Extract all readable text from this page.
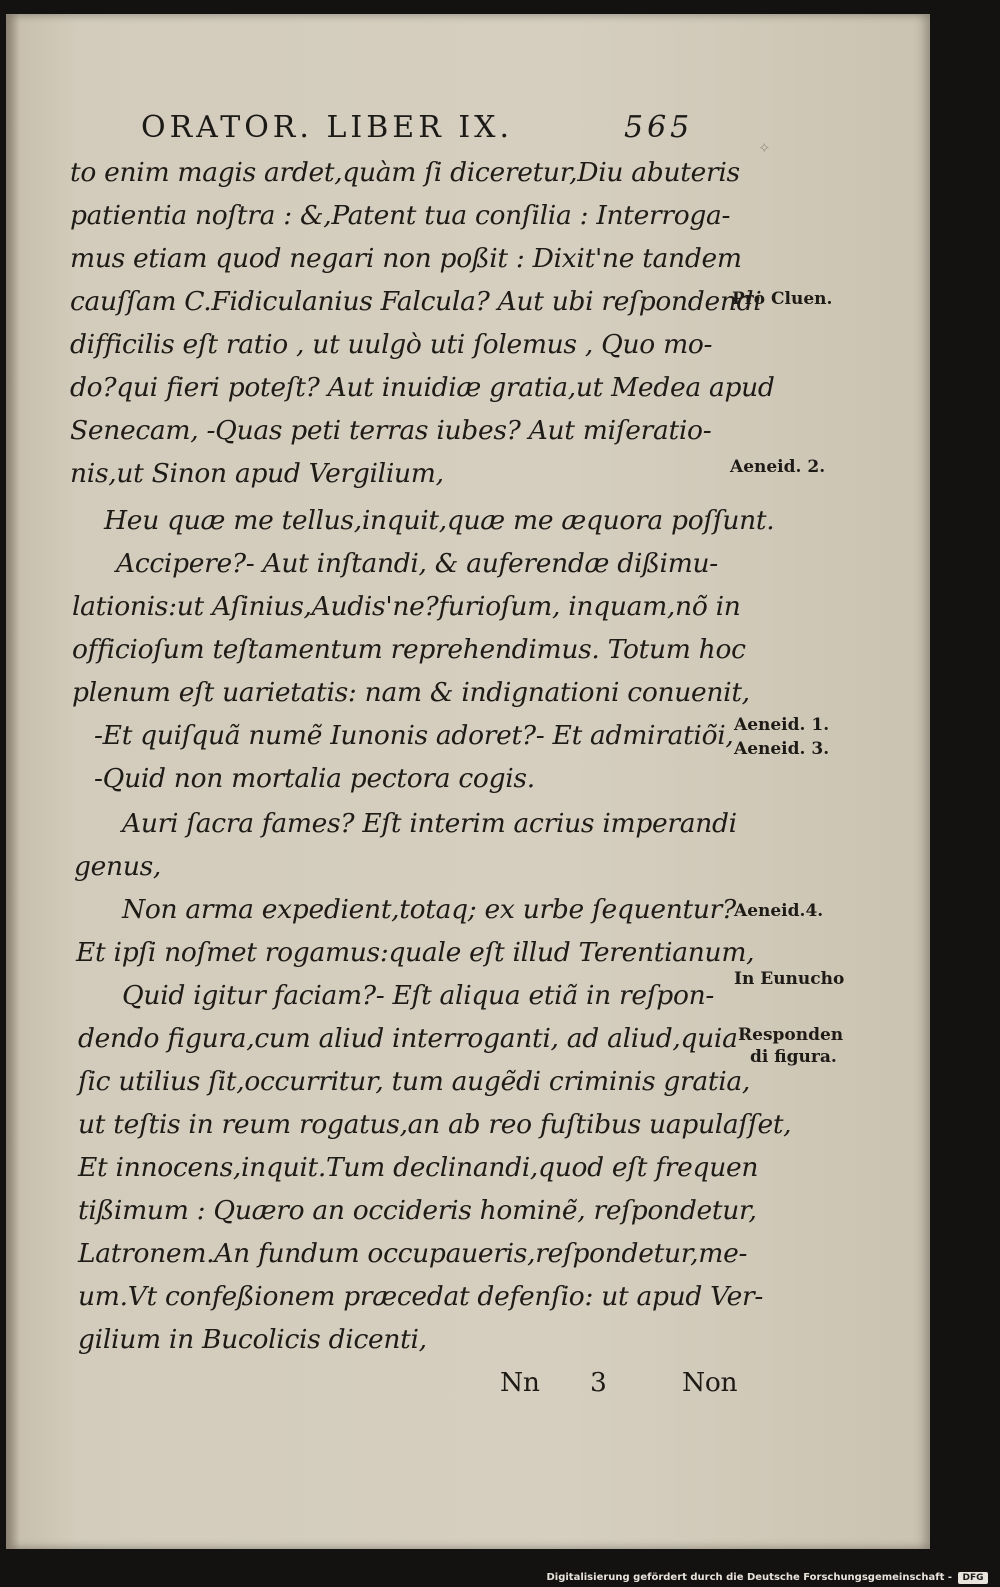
ORATOR. LIBER IX.	565
✧
to enim magis ardet,quàm ſi diceretur,Diu abuteris
patientia noſtra : &,Patent tua conſilia : Interroga-
mus etiam quod negari non poßit : Dixit'ne tandem
cauſſam C.Fidiculanius Falcula? Aut ubi reſpondendi
difficilis eſt ratio , ut uulgò uti ſolemus , Quo mo-
do?qui fieri poteſt? Aut inuidiæ gratia,ut Medea apud
Senecam, -Quas peti terras iubes? Aut miſeratio-
nis,ut Sinon apud Vergilium,
Heu quæ me tellus,inquit,quæ me æquora poſſunt.
Accipere?- Aut inſtandi, & auferendæ dißimu-
lationis:ut Aſinius,Audis'ne?furioſum, inquam,nõ in
officioſum teſtamentum reprehendimus. Totum hoc
plenum eſt uarietatis: nam & indignationi conuenit,
-Et quiſquã numẽ Iunonis adoret?- Et admiratiõi,
-Quid non mortalia pectora cogis.
Auri ſacra fames? Eſt interim acrius imperandi
genus,
Non arma expedient,totaq; ex urbe ſequentur?
Et ipſi noſmet rogamus:quale eſt illud Terentianum,
Quid igitur faciam?- Eſt aliqua etiã in reſpon-
dendo figura,cum aliud interroganti, ad aliud,quia
ſic utilius ſit,occurritur, tum augẽdi criminis gratia,
ut teſtis in reum rogatus,an ab reo fuſtibus uapulaſſet,
Et innocens,inquit.Tum declinandi,quod eſt frequen
tißimum : Quæro an occideris hominẽ, reſpondetur,
Latronem.An fundum occupaueris,reſpondetur,me-
um.Vt confeßionem præcedat defenſio: ut apud Ver-
gilium in Bucolicis dicenti,
Nn 3	Non
Pro Cluen.
Aeneid. 2.
Aeneid. 1.
Aeneid. 3.
Aeneid.4.
In Eunucho
Responden
di figura.
Digitalisierung gefördert durch die Deutsche Forschungsgemeinschaft -	DFG
